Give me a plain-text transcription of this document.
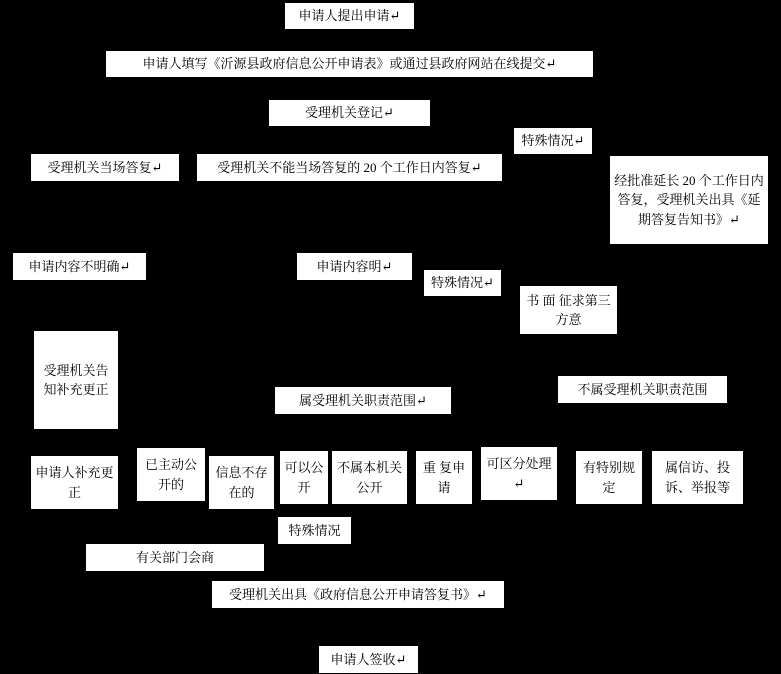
申请人提出申请↵
申请人填写《沂源县政府信息公开申请表》或通过县政府网站在线提交↵
受理机关登记↵
特殊情况↵
受理机关当场答复↵	受理机关不能当场答复的 20 个工作日内答复↵
经批准延长 20 个工作日内答复，受理机关出具《延期答复告知书》↵
申请内容不明确↵	申请内容明↵
特殊情况↵
书 面 征求第三方意
受理机关告知补充更正
属受理机关职责范围↵
不属受理机关职责范围
申请人补充更正
已主动公开的
信息不存在的
可以公开
不属本机关公开
重 复申请
可区分处理↵
有特别规定
属信访、投诉、举报等
特殊情况
有关部门会商
受理机关出具《政府信息公开申请答复书》↵
申请人签收↵
